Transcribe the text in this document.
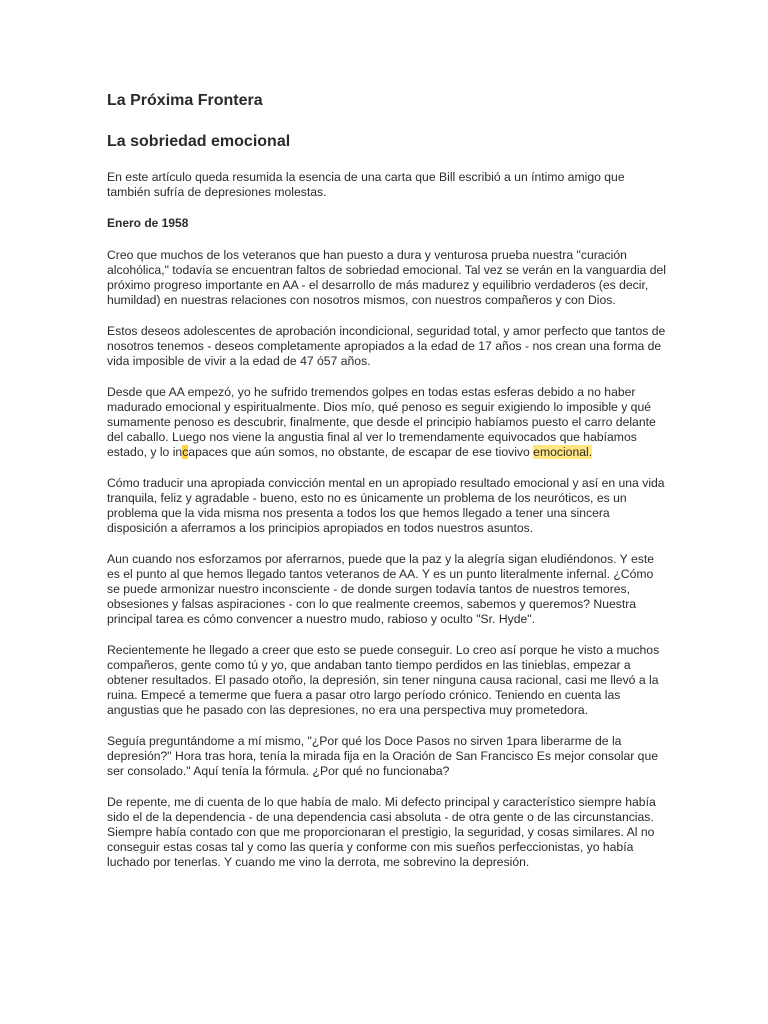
La Próxima Frontera
La sobriedad emocional

En este artículo queda resumida la esencia de una carta que Bill escribió a un íntimo amigo que también sufría de depresiones molestas.

Enero de 1958

Creo que muchos de los veteranos que han puesto a dura y venturosa prueba nuestra "curación alcohólica," todavía se encuentran faltos de sobriedad emocional. Tal vez se verán en la vanguardia del próximo progreso importante en AA - el desarrollo de más madurez y equilibrio verdaderos (es decir, humildad) en nuestras relaciones con nosotros mismos, con nuestros compañeros y con Dios.

Estos deseos adolescentes de aprobación incondicional, seguridad total, y amor perfecto que tantos de nosotros tenemos - deseos completamente apropiados a la edad de 17 años - nos crean una forma de vida imposible de vivir a la edad de 47 ó57 años.

Desde que AA empezó, yo he sufrido tremendos golpes en todas estas esferas debido a no haber madurado emocional y espiritualmente. Dios mío, qué penoso es seguir exigiendo lo imposible y qué sumamente penoso es descubrir, finalmente, que desde el principio habíamos puesto el carro delante del caballo. Luego nos viene la angustia final al ver lo tremendamente equivocados que habíamos estado, y lo incapaces que aún somos, no obstante, de escapar de ese tiovivo emocional.

Cómo traducir una apropiada convicción mental en un apropiado resultado emocional y así en una vida tranquila, feliz y agradable - bueno, esto no es únicamente un problema de los neuróticos, es un problema que la vida misma nos presenta a todos los que hemos llegado a tener una sincera disposición a aferramos a los principios apropiados en todos nuestros asuntos.

Aun cuando nos esforzamos por aferrarnos, puede que la paz y la alegría sigan eludiéndonos. Y este es el punto al que hemos llegado tantos veteranos de AA. Y es un punto literalmente infernal. ¿Cómo se puede armonizar nuestro inconsciente - de donde surgen todavía tantos de nuestros temores, obsesiones y falsas aspiraciones - con lo que realmente creemos, sabemos y queremos? Nuestra principal tarea es cómo convencer a nuestro mudo, rabioso y oculto "Sr. Hyde".

Recientemente he llegado a creer que esto se puede conseguir. Lo creo así porque he visto a muchos compañeros, gente como tú y yo, que andaban tanto tiempo perdidos en las tinieblas, empezar a obtener resultados. El pasado otoño, la depresión, sin tener ninguna causa racional, casi me llevó a la ruina. Empecé a temerme que fuera a pasar otro largo período crónico. Teniendo en cuenta las angustias que he pasado con las depresiones, no era una perspectiva muy prometedora.

Seguía preguntándome a mí mismo, "¿Por qué los Doce Pasos no sirven 1para liberarme de la depresión?" Hora tras hora, tenía la mirada fija en la Oración de San Francisco Es mejor consolar que ser consolado." Aquí tenía la fórmula. ¿Por qué no funcionaba?

De repente, me di cuenta de lo que había de malo. Mi defecto principal y característico siempre había sido el de la dependencia - de una dependencia casi absoluta - de otra gente o de las circunstancias. Siempre había contado con que me proporcionaran el prestigio, la seguridad, y cosas similares. Al no conseguir estas cosas tal y como las quería y conforme con mis sueños perfeccionistas, yo había luchado por tenerlas. Y cuando me vino la derrota, me sobrevino la depresión.
